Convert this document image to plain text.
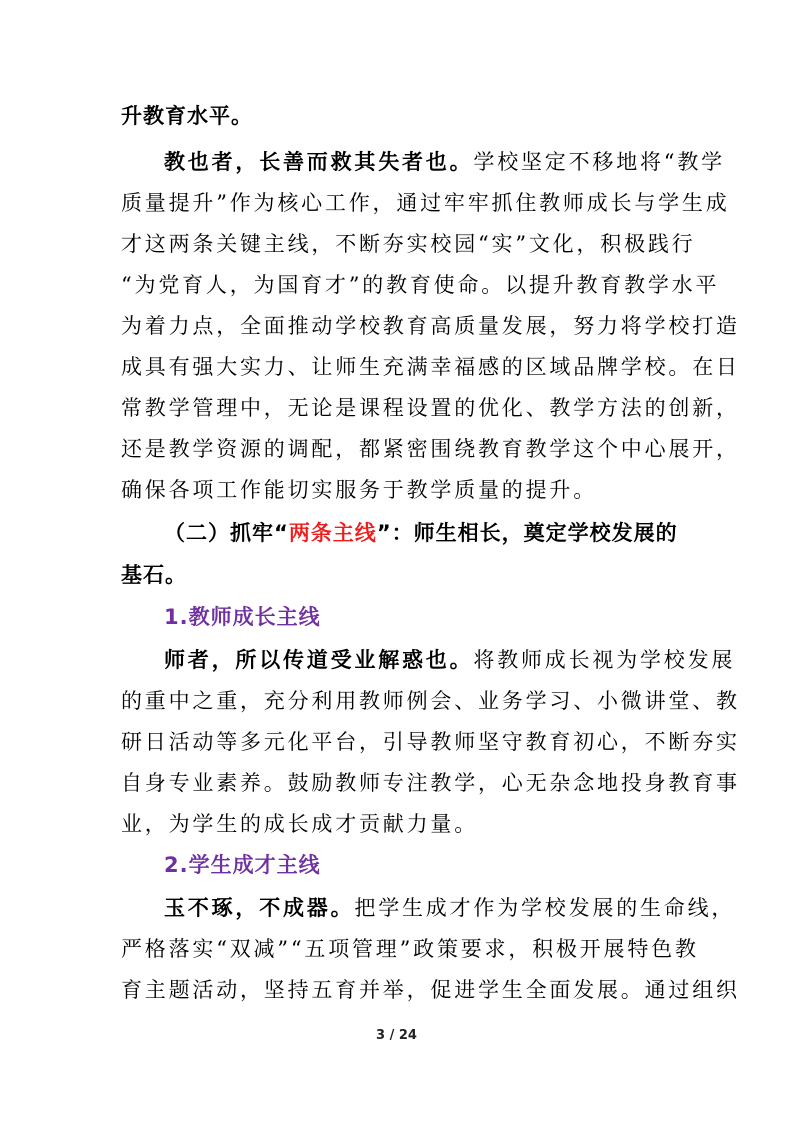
升教育水平。
教也者，长善而救其失者也。学校坚定不移地将“教学
质量提升”作为核心工作，通过牢牢抓住教师成长与学生成
才这两条关键主线，不断夯实校园“实”文化，积极践行
“为党育人，为国育才”的教育使命。以提升教育教学水平
为着力点，全面推动学校教育高质量发展，努力将学校打造
成具有强大实力、让师生充满幸福感的区域品牌学校。在日
常教学管理中，无论是课程设置的优化、教学方法的创新，
还是教学资源的调配，都紧密围绕教育教学这个中心展开，
确保各项工作能切实服务于教学质量的提升。
（二）抓牢“两条主线”：师生相长，奠定学校发展的
基石。
1.教师成长主线
师者，所以传道受业解惑也。将教师成长视为学校发展
的重中之重，充分利用教师例会、业务学习、小微讲堂、教
研日活动等多元化平台，引导教师坚守教育初心，不断夯实
自身专业素养。鼓励教师专注教学，心无杂念地投身教育事
业，为学生的成长成才贡献力量。
2.学生成才主线
玉不琢，不成器。把学生成才作为学校发展的生命线，
严格落实“双减”“五项管理”政策要求，积极开展特色教
育主题活动，坚持五育并举，促进学生全面发展。通过组织
3 / 24
